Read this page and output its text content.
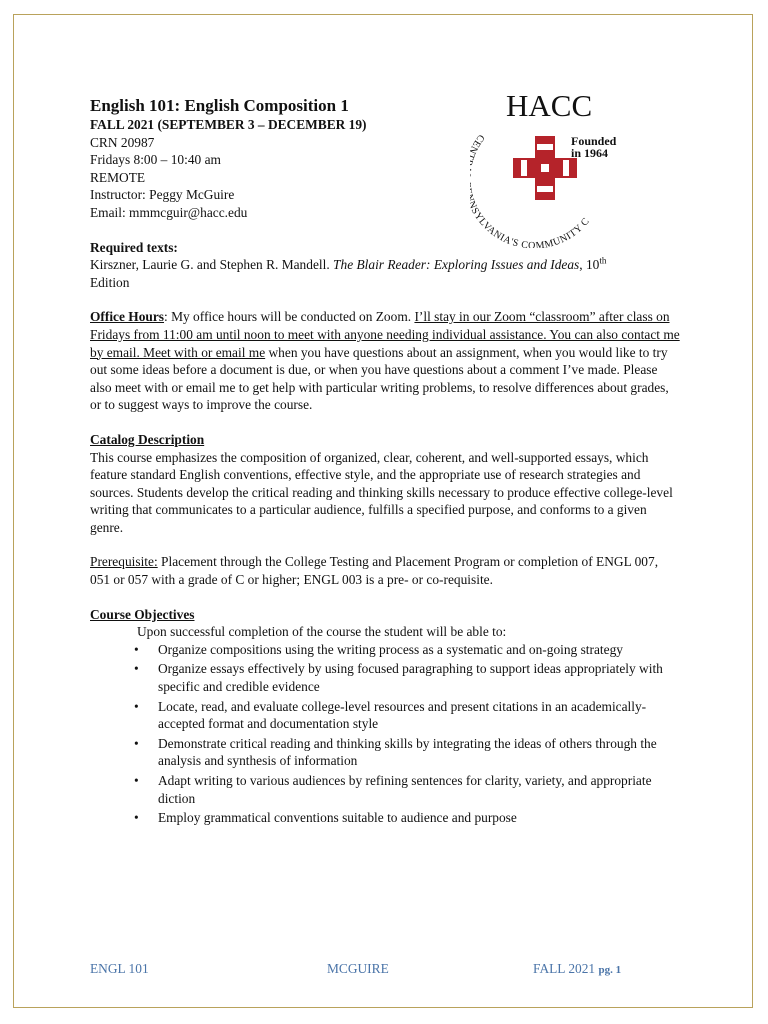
HACC
CE YLVANIA'S COMMUNITY C
Founded
in 1964
English 101: English Composition 1
FALL 2021 (SEPTEMBER 3 – DECEMBER 19)
CRN 20987
Fridays 8:00 – 10:40 am
REMOTE
Instructor: Peggy McGuire
Email: mmmcguir@hacc.edu
Required texts:

Kirszner, Laurie G. and Stephen R. Mandell. The Blair Reader: Exploring Issues and Ideas, 10th
Edition

Office Hours: My office hours will be conducted on Zoom. I’ll stay in our Zoom “classroom” after class on Fridays from 11:00 am until noon to meet with anyone needing individual assistance. You can also contact me by email. Meet with or email me when you have questions about an assignment, when you would like to try out some ideas before a document is due, or when you have questions about a comment I’ve made. Please also meet with or email me to get help with particular writing problems, to resolve differences about grades, or to suggest ways to improve the course.

Catalog Description

This course emphasizes the composition of organized, clear, coherent, and well-supported essays, which feature standard English conventions, effective style, and the appropriate use of research strategies and sources. Students develop the critical reading and thinking skills necessary to produce effective college-level writing that communicates to a particular audience, fulfills a specified purpose, and conforms to a given genre.

Prerequisite: Placement through the College Testing and Placement Program or completion of ENGL 007, 051 or 057 with a grade of C or higher; ENGL 003 is a pre- or co-requisite.

Course Objectives

Upon successful completion of the course the student will be able to:

• Organize compositions using the writing process as a systematic and on-going strategy
• Organize essays effectively by using focused paragraphing to support ideas appropriately with specific and credible evidence
• Locate, read, and evaluate college-level resources and present citations in an academically-accepted format and documentation style
• Demonstrate critical reading and thinking skills by integrating the ideas of others through the analysis and synthesis of information
• Adapt writing to various audiences by refining sentences for clarity, variety, and appropriate diction
• Employ grammatical conventions suitable to audience and purpose
ENGL 101	MCGUIRE	FALL 2021 pg. 1
